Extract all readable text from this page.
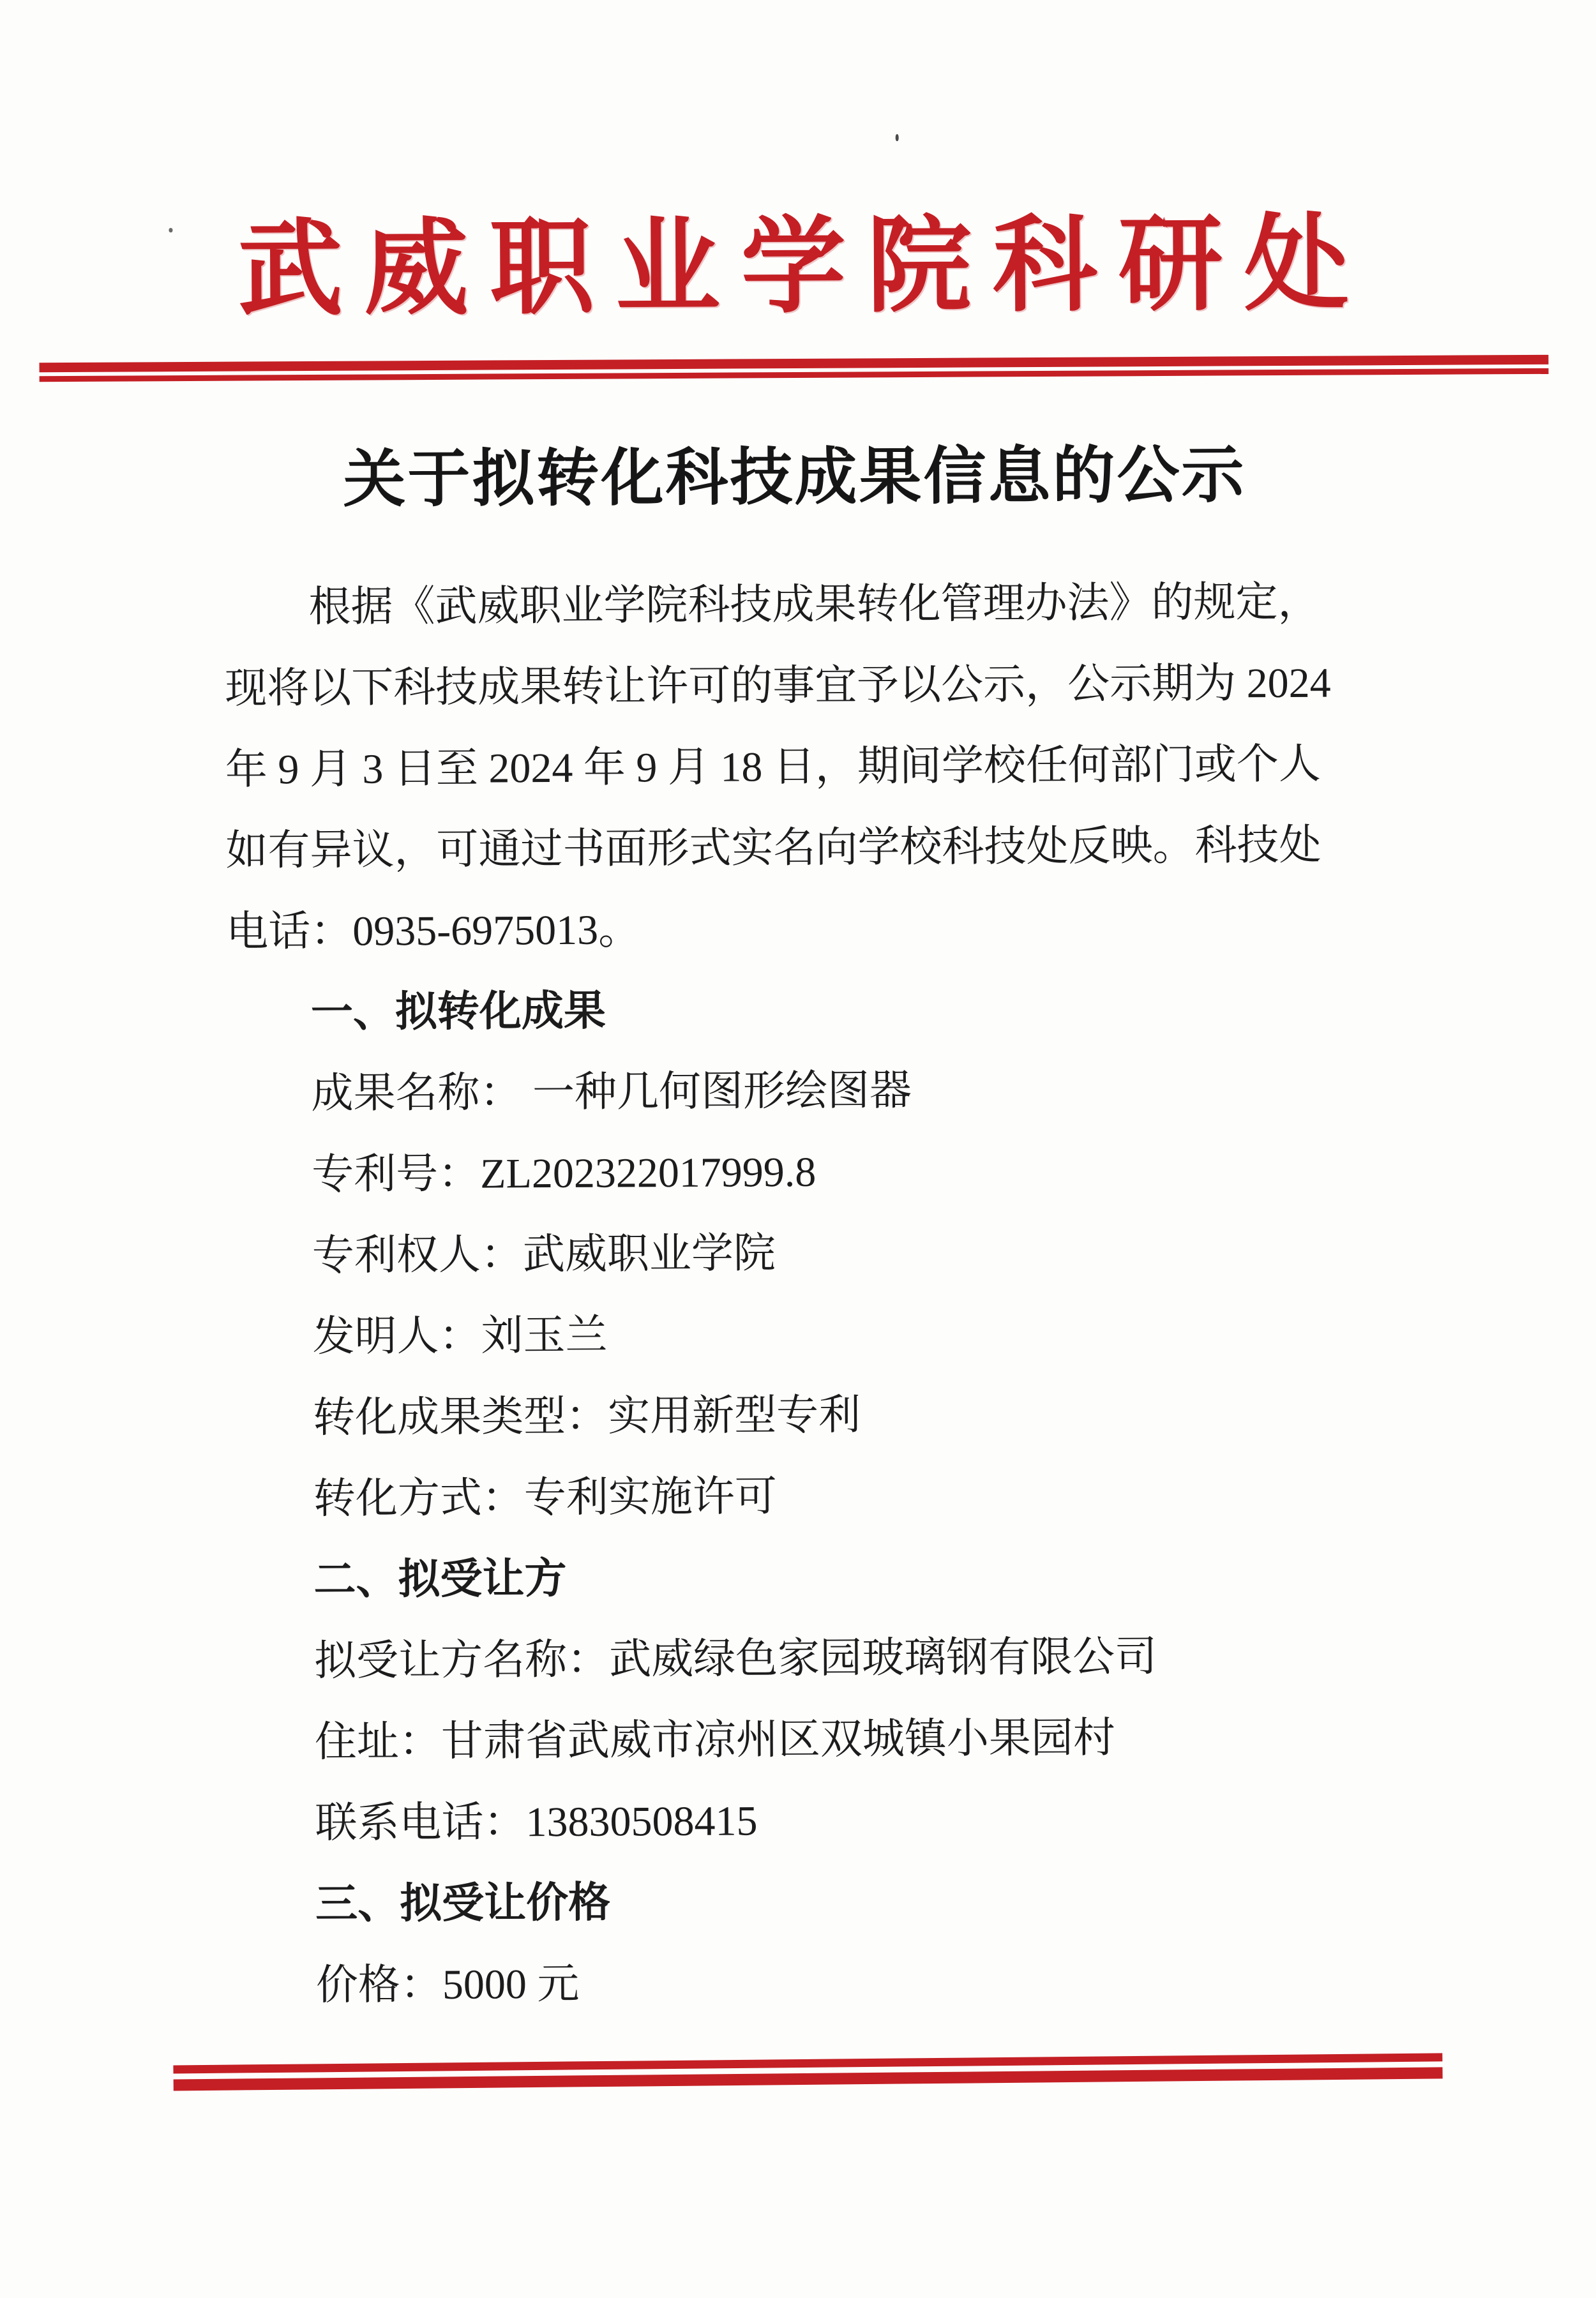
武威职业学院科研处
关于拟转化科技成果信息的公示
根据《武威职业学院科技成果转化管理办法》的规定，
现将以下科技成果转让许可的事宜予以公示，公示期为 2024
年 9 月 3 日至 2024 年 9 月 18 日，期间学校任何部门或个人
如有异议，可通过书面形式实名向学校科技处反映。科技处
电话：0935-6975013。
一、拟转化成果
成果名称： 一种几何图形绘图器
专利号：ZL202322017999.8
专利权人：武威职业学院
发明人：刘玉兰
转化成果类型：实用新型专利
转化方式：专利实施许可
二、拟受让方
拟受让方名称：武威绿色家园玻璃钢有限公司
住址：甘肃省武威市凉州区双城镇小果园村
联系电话：13830508415
三、拟受让价格
价格：5000 元
